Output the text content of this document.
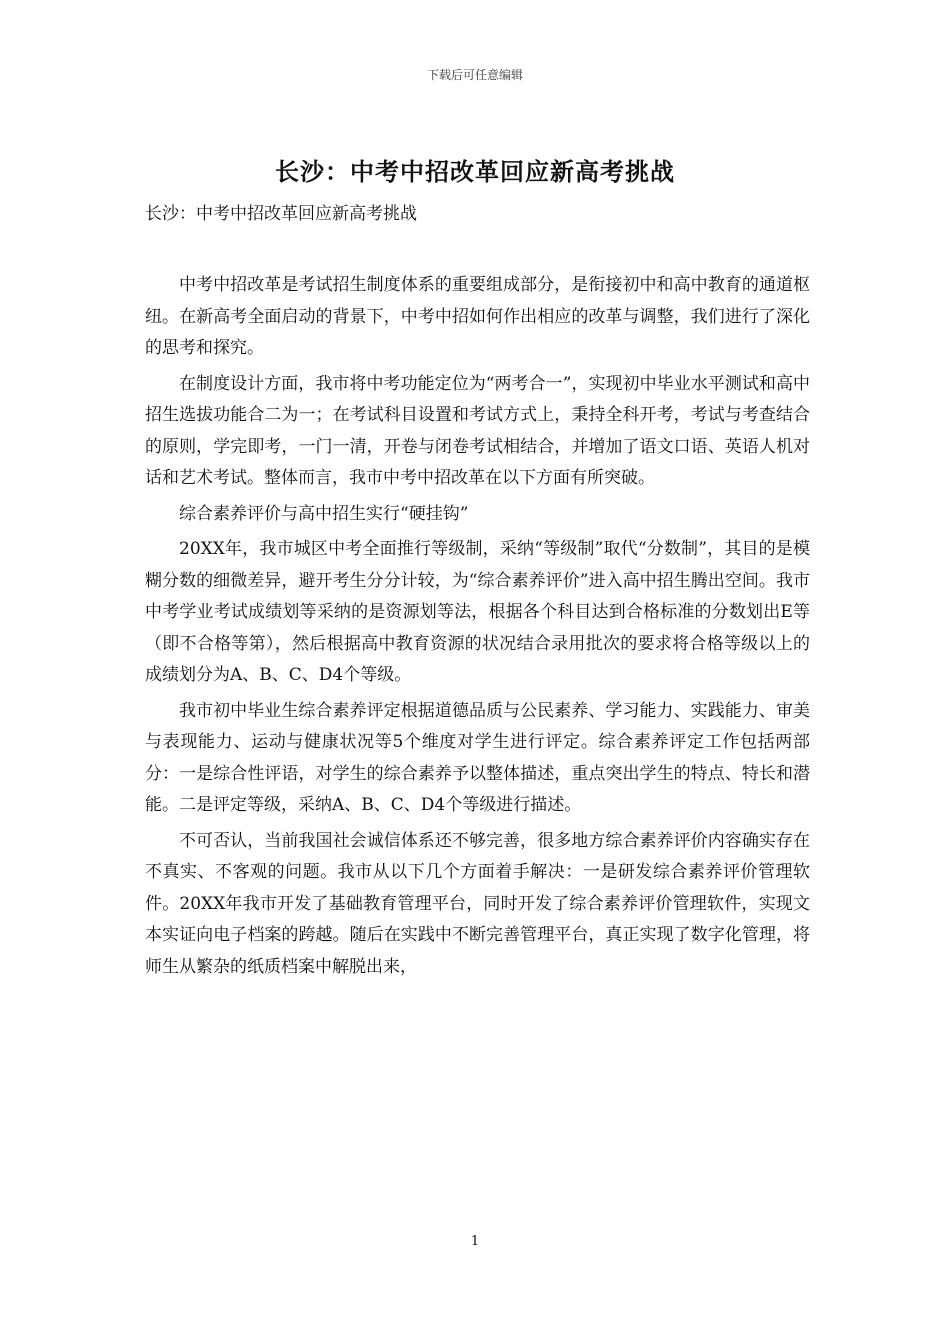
下载后可任意编辑
长沙：中考中招改革回应新高考挑战
长沙：中考中招改革回应新高考挑战

中考中招改革是考试招生制度体系的重要组成部分，是衔接初中和高中教育的通道枢纽。在新高考全面启动的背景下，中考中招如何作出相应的改革与调整，我们进行了深化的思考和探究。

在制度设计方面，我市将中考功能定位为“两考合一”，实现初中毕业水平测试和高中招生选拔功能合二为一；在考试科目设置和考试方式上，秉持全科开考，考试与考查结合的原则，学完即考，一门一清，开卷与闭卷考试相结合，并增加了语文口语、英语人机对话和艺术考试。整体而言，我市中考中招改革在以下方面有所突破。

综合素养评价与高中招生实行“硬挂钩”

20XX年，我市城区中考全面推行等级制，采纳“等级制”取代“分数制”，其目的是模糊分数的细微差异，避开考生分分计较，为“综合素养评价”进入高中招生腾出空间。我市中考学业考试成绩划等采纳的是资源划等法，根据各个科目达到合格标准的分数划出E等（即不合格等第），然后根据高中教育资源的状况结合录用批次的要求将合格等级以上的成绩划分为A、B、C、D4个等级。

我市初中毕业生综合素养评定根据道德品质与公民素养、学习能力、实践能力、审美与表现能力、运动与健康状况等5个维度对学生进行评定。综合素养评定工作包括两部分：一是综合性评语，对学生的综合素养予以整体描述，重点突出学生的特点、特长和潜能。二是评定等级，采纳A、B、C、D4个等级进行描述。

不可否认，当前我国社会诚信体系还不够完善，很多地方综合素养评价内容确实存在不真实、不客观的问题。我市从以下几个方面着手解决：一是研发综合素养评价管理软件。20XX年我市开发了基础教育管理平台，同时开发了综合素养评价管理软件，实现文本实证向电子档案的跨越。随后在实践中不断完善管理平台，真正实现了数字化管理，将师生从繁杂的纸质档案中解脱出来，

1
